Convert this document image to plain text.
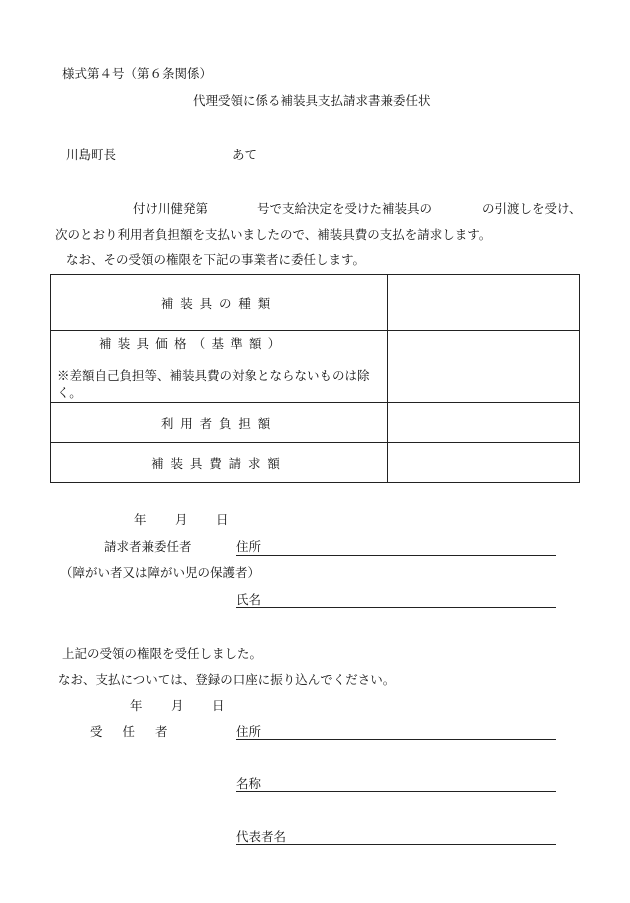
様式第４号（第６条関係）
代理受領に係る補装具支払請求書兼委任状
川島町長	あて
付け川健発第	号で支給決定を受けた補装具の	の引渡しを受け、
次のとおり利用者負担額を支払いましたので、補装具費の支払を請求します。
なお、その受領の権限を下記の事業者に委任します。
補装具の種類	

補装具価格（基準額）
※差額自己負担等、補装具費の対象とならないものは除く。	

利用者負担額	
補装具費請求額	
年 月 日
請求者兼委任者	住所
（障がい者又は障がい児の保護者）
氏名
上記の受領の権限を受任しました。
なお、支払については、登録の口座に振り込んでください。
年 月 日
受任者	住所
名称
代表者名
